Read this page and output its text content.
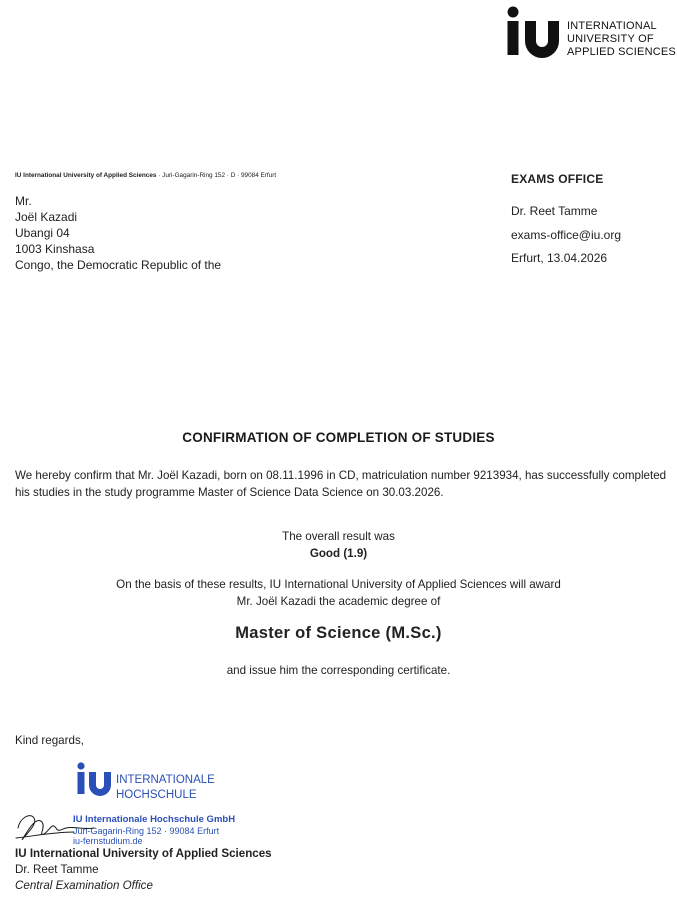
INTERNATIONAL
UNIVERSITY OF
APPLIED SCIENCES
IU International University of Applied Sciences · Juri-Gagarin-Ring 152 · D · 99084 Erfurt
Mr.
Joël Kazadi
Ubangi 04
1003 Kinshasa
Congo, the Democratic Republic of the
EXAMS OFFICE
Dr. Reet Tamme
exams-office@iu.org
Erfurt, 13.04.2026
CONFIRMATION OF COMPLETION OF STUDIES
We hereby confirm that Mr. Joël Kazadi, born on 08.11.1996 in CD, matriculation number 9213934, has successfully completed his studies in the study programme Master of Science Data Science on 30.03.2026.
The overall result was
Good (1.9)
On the basis of these results, IU International University of Applied Sciences will award
Mr. Joël Kazadi the academic degree of
Master of Science (M.Sc.)
and issue him the corresponding certificate.
Kind regards,
INTERNATIONALE
HOCHSCHULE
IU Internationale Hochschule GmbH
Juri-Gagarin-Ring 152 · 99084 Erfurt
iu-fernstudium.de
IU International University of Applied Sciences
Dr. Reet Tamme
Central Examination Office
